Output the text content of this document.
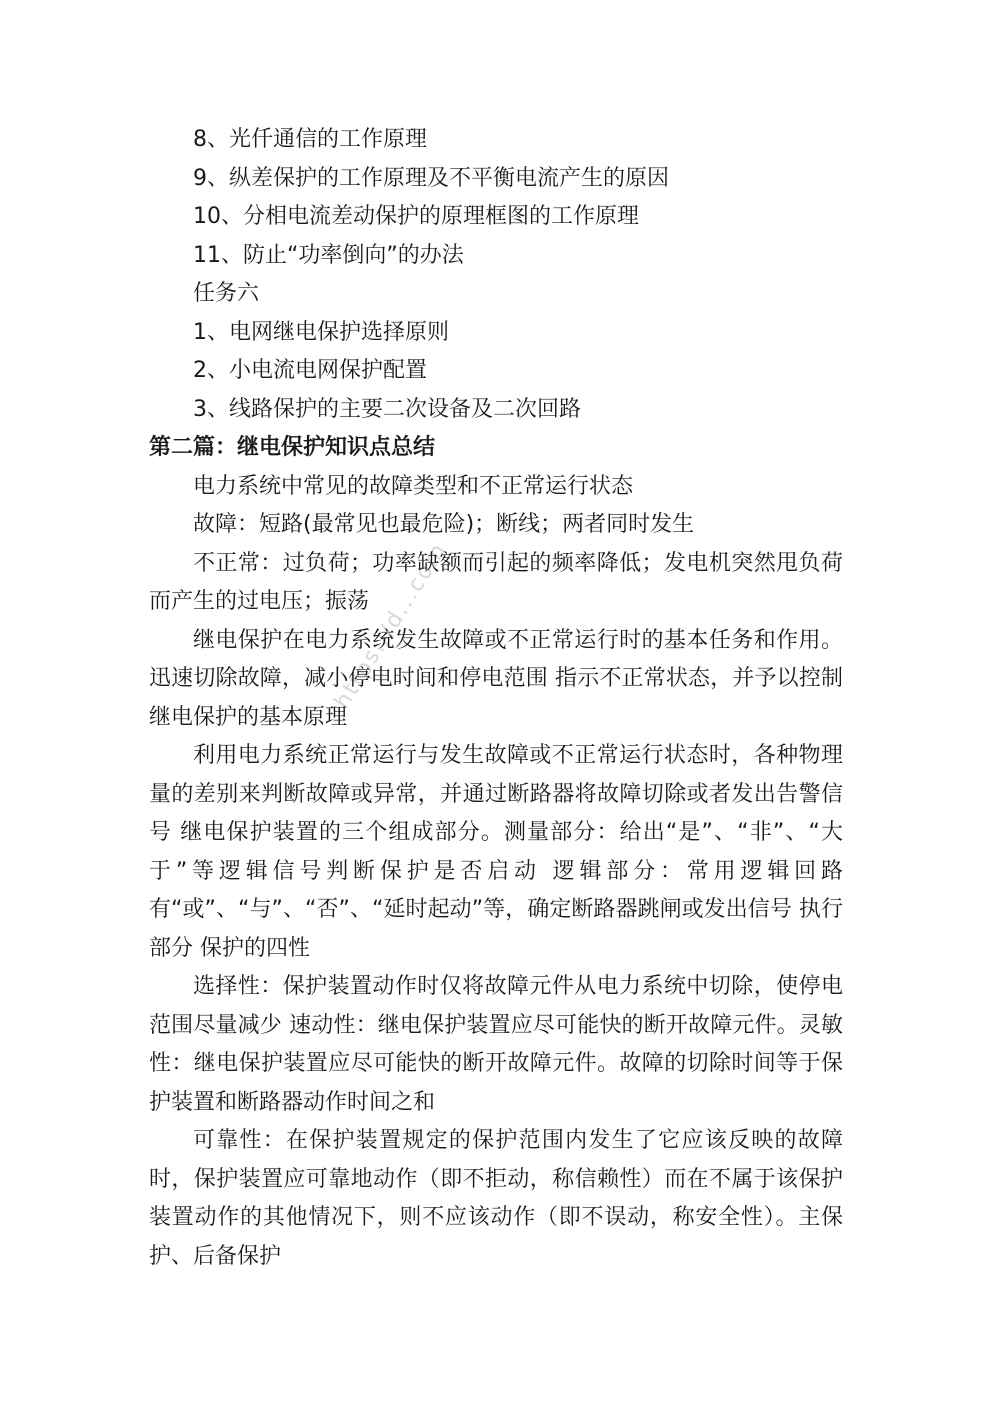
https://d...com
8、光仟通信的工作原理
9、纵差保护的工作原理及不平衡电流产生的原因
10、分相电流差动保护的原理框图的工作原理
11、防止“功率倒向”的办法
任务六
1、电网继电保护选择原则
2、小电流电网保护配置
3、线路保护的主要二次设备及二次回路
第二篇：继电保护知识点总结
电力系统中常见的故障类型和不正常运行状态
故障：短路(最常见也最危险)；断线；两者同时发生
不正常：过负荷；功率缺额而引起的频率降低；发电机突然甩负荷而产生的过电压；振荡
继电保护在电力系统发生故障或不正常运行时的基本任务和作用。迅速切除故障，减小停电时间和停电范围 指示不正常状态，并予以控制 继电保护的基本原理
利用电力系统正常运行与发生故障或不正常运行状态时，各种物理量的差别来判断故障或异常，并通过断路器将故障切除或者发出告警信号 继电保护装置的三个组成部分。测量部分：给出“是”、“非”、“大于”等逻辑信号判断保护是否启动 逻辑部分：常用逻辑回路有“或”、“与”、“否”、“延时起动”等，确定断路器跳闸或发出信号 执行部分 保护的四性
选择性：保护装置动作时仅将故障元件从电力系统中切除，使停电范围尽量减少 速动性：继电保护装置应尽可能快的断开故障元件。灵敏性：继电保护装置应尽可能快的断开故障元件。故障的切除时间等于保护装置和断路器动作时间之和
可靠性：在保护装置规定的保护范围内发生了它应该反映的故障时，保护装置应可靠地动作（即不拒动，称信赖性）而在不属于该保护装置动作的其他情况下，则不应该动作（即不误动，称安全性）。主保护、后备保护
